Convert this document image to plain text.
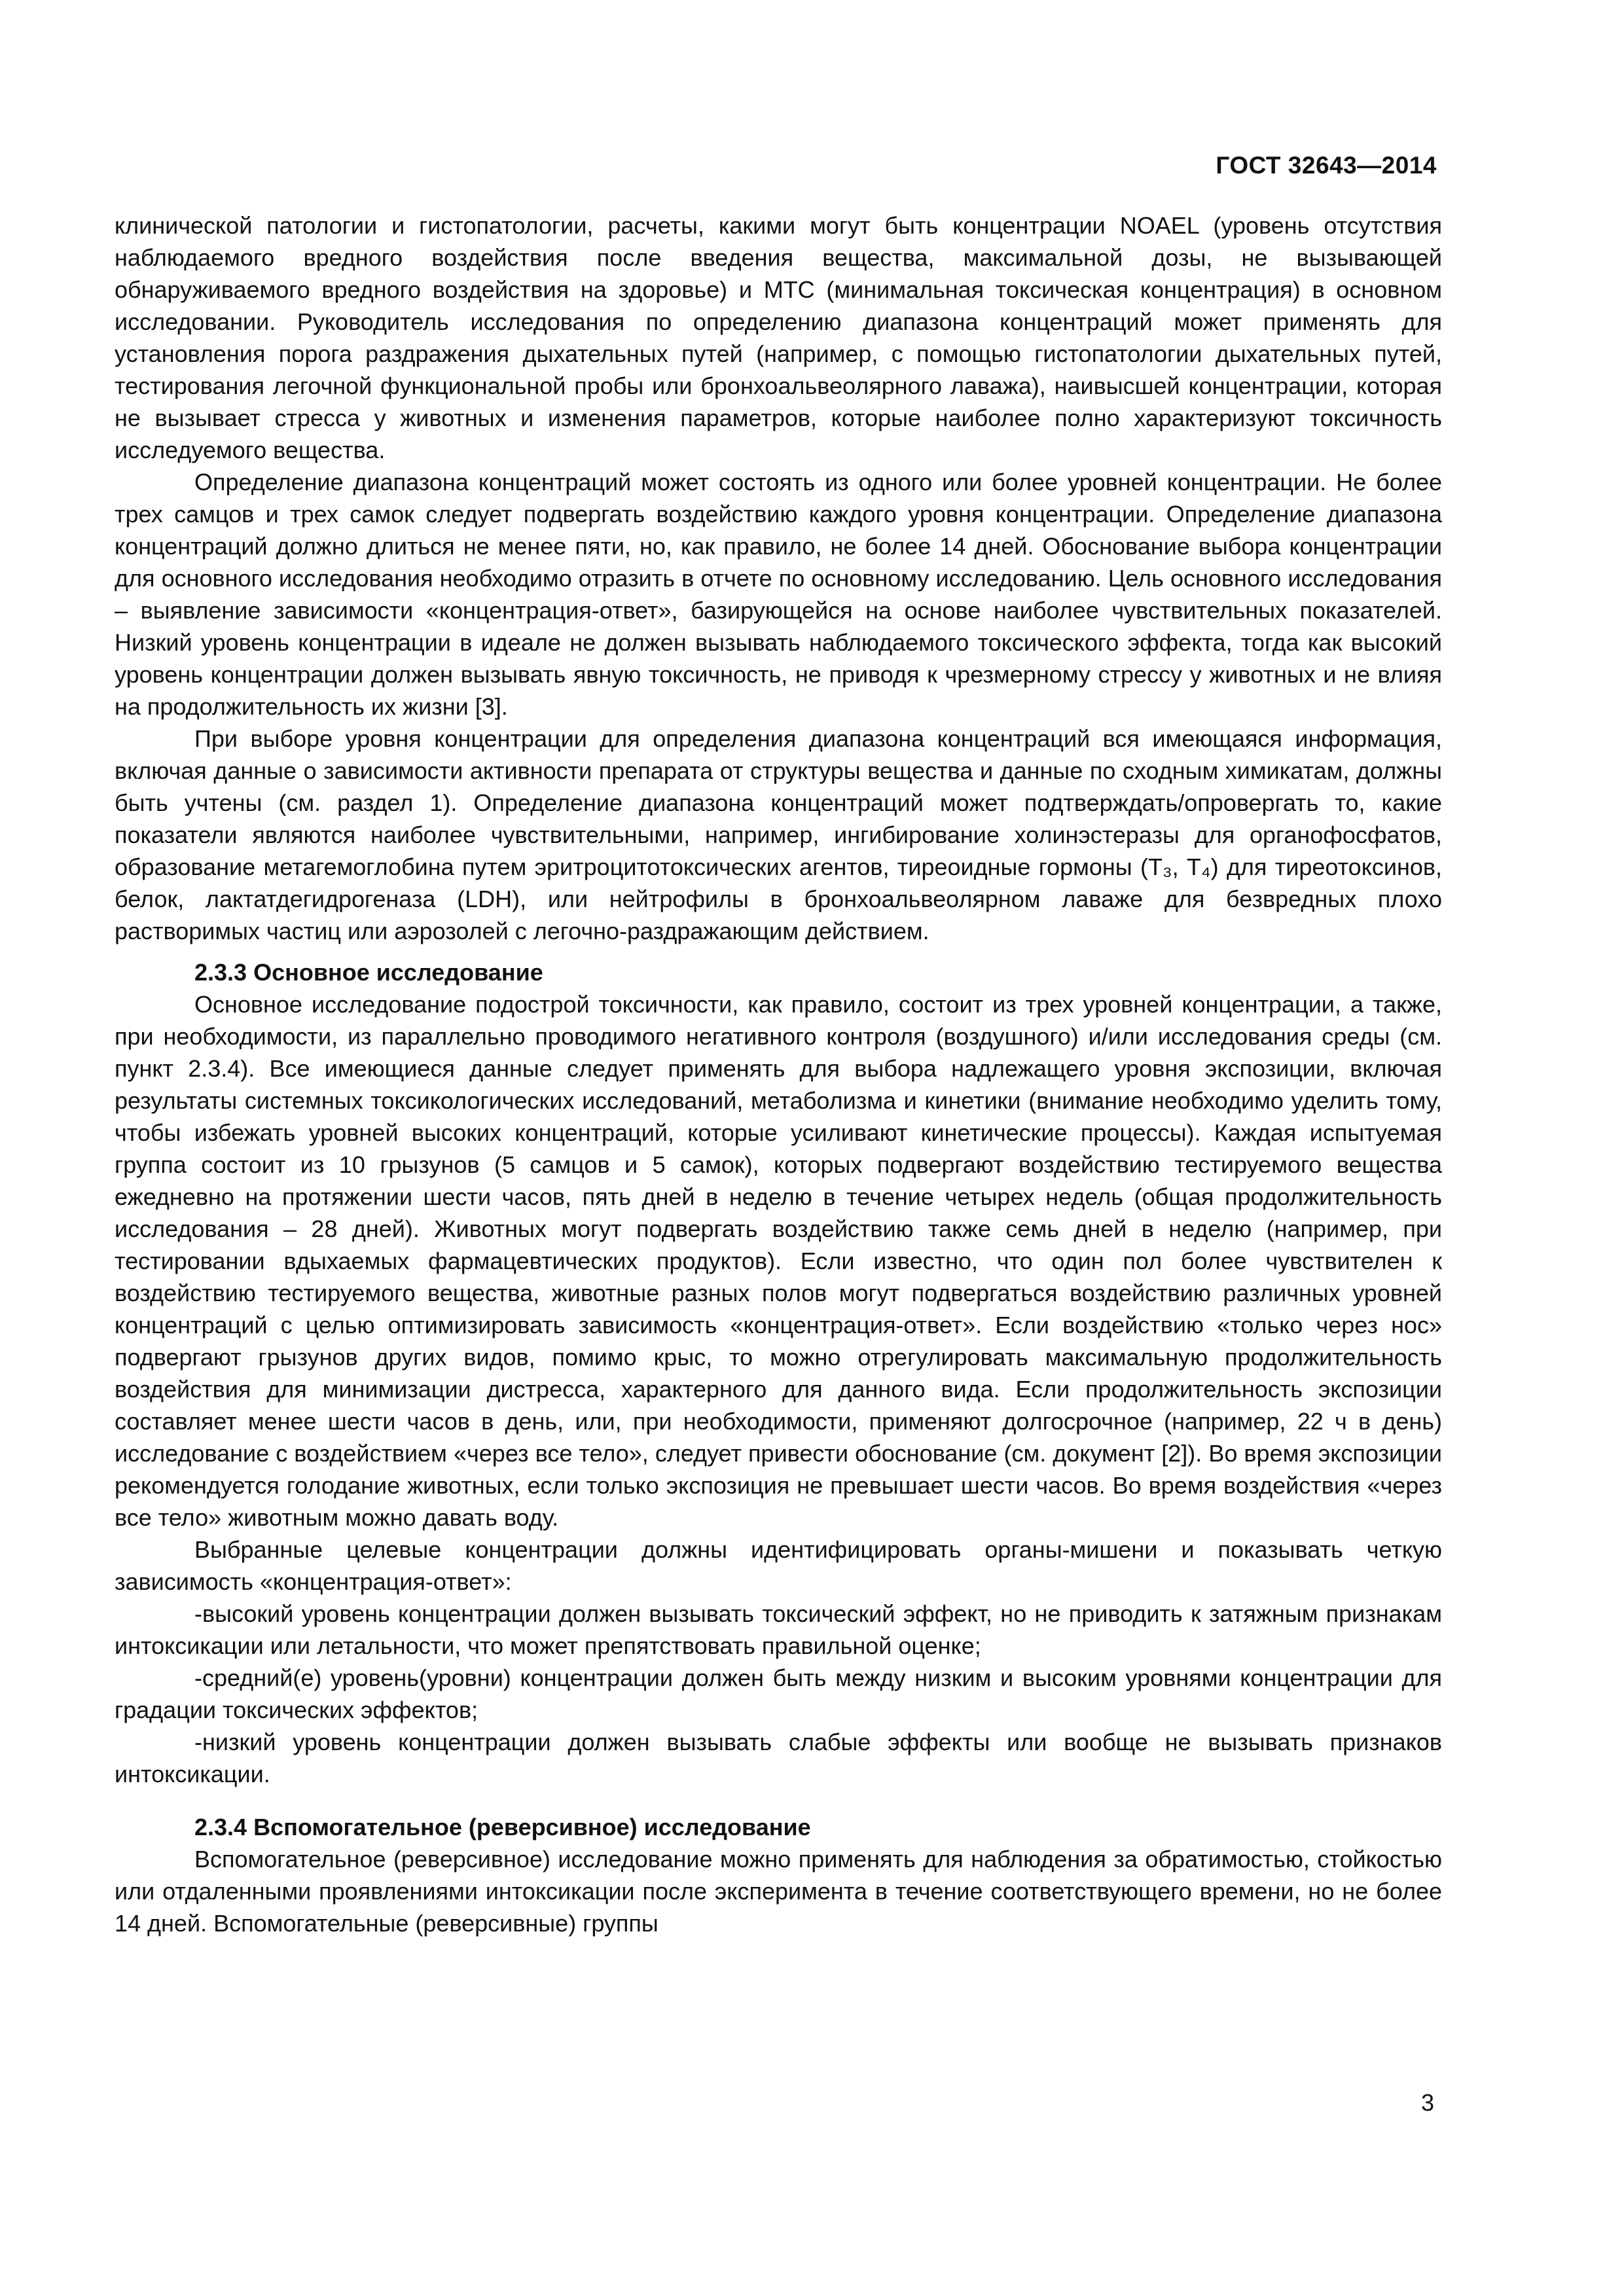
ГОСТ 32643—2014

клинической патологии и гистопатологии, расчеты, какими могут быть концентрации NOAEL (уровень отсутствия наблюдаемого вредного воздействия после введения вещества, максимальной дозы, не вызывающей обнаруживаемого вредного воздействия на здоровье) и МТС (минимальная токсическая концентрация) в основном исследовании. Руководитель исследования по определению диапазона концентраций может применять для установления порога раздражения дыхательных путей (например, с помощью гистопатологии дыхательных путей, тестирования легочной функциональной пробы или бронхоальвеолярного лаважа), наивысшей концентрации, которая не вызывает стресса у животных и изменения параметров, которые наиболее полно характеризуют токсичность исследуемого вещества.

Определение диапазона концентраций может состоять из одного или более уровней концентрации. Не более трех самцов и трех самок следует подвергать воздействию каждого уровня концентрации. Определение диапазона концентраций должно длиться не менее пяти, но, как правило, не более 14 дней. Обоснование выбора концентрации для основного исследования необходимо отразить в отчете по основному исследованию. Цель основного исследования – выявление зависимости «концентрация-ответ», базирующейся на основе наиболее чувствительных показателей. Низкий уровень концентрации в идеале не должен вызывать наблюдаемого токсического эффекта, тогда как высокий уровень концентрации должен вызывать явную токсичность, не приводя к чрезмерному стрессу у животных и не влияя на продолжительность их жизни [3].

При выборе уровня концентрации для определения диапазона концентраций вся имеющаяся информация, включая данные о зависимости активности препарата от структуры вещества и данные по сходным химикатам, должны быть учтены (см. раздел 1). Определение диапазона концентраций может подтверждать/опровергать то, какие показатели являются наиболее чувствительными, например, ингибирование холинэстеразы для органофосфатов, образование метагемоглобина путем эритроцитотоксических агентов, тиреоидные гормоны (Т₃, Т₄) для тиреотоксинов, белок, лактатдегидрогеназа (LDH), или нейтрофилы в бронхоальвеолярном лаваже для безвредных плохо растворимых частиц или аэрозолей с легочно-раздражающим действием.

2.3.3 Основное исследование

Основное исследование подострой токсичности, как правило, состоит из трех уровней концентрации, а также, при необходимости, из параллельно проводимого негативного контроля (воздушного) и/или исследования среды (см. пункт 2.3.4). Все имеющиеся данные следует применять для выбора надлежащего уровня экспозиции, включая результаты системных токсикологических исследований, метаболизма и кинетики (внимание необходимо уделить тому, чтобы избежать уровней высоких концентраций, которые усиливают кинетические процессы). Каждая испытуемая группа состоит из 10 грызунов (5 самцов и 5 самок), которых подвергают воздействию тестируемого вещества ежедневно на протяжении шести часов, пять дней в неделю в течение четырех недель (общая продолжительность исследования – 28 дней). Животных могут подвергать воздействию также семь дней в неделю (например, при тестировании вдыхаемых фармацевтических продуктов). Если известно, что один пол более чувствителен к воздействию тестируемого вещества, животные разных полов могут подвергаться воздействию различных уровней концентраций с целью оптимизировать зависимость «концентрация-ответ». Если воздействию «только через нос» подвергают грызунов других видов, помимо крыс, то можно отрегулировать максимальную продолжительность воздействия для минимизации дистресса, характерного для данного вида. Если продолжительность экспозиции составляет менее шести часов в день, или, при необходимости, применяют долгосрочное (например, 22 ч в день) исследование с воздействием «через все тело», следует привести обоснование (см. документ [2]). Во время экспозиции рекомендуется голодание животных, если только экспозиция не превышает шести часов. Во время воздействия «через все тело» животным можно давать воду.

Выбранные целевые концентрации должны идентифицировать органы-мишени и показывать четкую зависимость «концентрация-ответ»:

-высокий уровень концентрации должен вызывать токсический эффект, но не приводить к затяжным признакам интоксикации или летальности, что может препятствовать правильной оценке;

-средний(е) уровень(уровни) концентрации должен быть между низким и высоким уровнями концентрации для градации токсических эффектов;

-низкий уровень концентрации должен вызывать слабые эффекты или вообще не вызывать признаков интоксикации.

2.3.4 Вспомогательное (реверсивное) исследование

Вспомогательное (реверсивное) исследование можно применять для наблюдения за обратимостью, стойкостью или отдаленными проявлениями интоксикации после эксперимента в течение соответствующего времени, но не более 14 дней. Вспомогательные (реверсивные) группы

3
